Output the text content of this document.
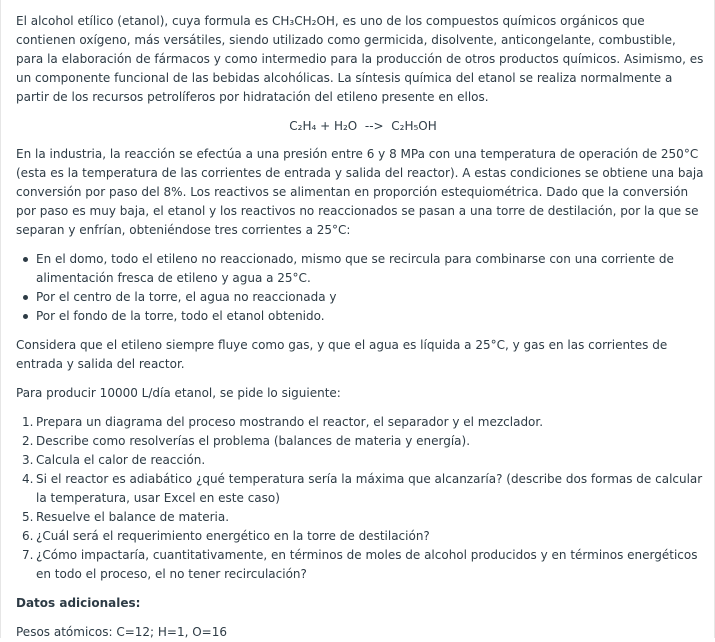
El alcohol etílico (etanol), cuya formula es CH₃CH₂OH, es uno de los compuestos químicos orgánicos que contienen oxígeno, más versátiles, siendo utilizado como germicida, disolvente, anticongelante, combustible, para la elaboración de fármacos y como intermedio para la producción de otros productos químicos. Asimismo, es un componente funcional de las bebidas alcohólicas. La síntesis química del etanol se realiza normalmente a partir de los recursos petrolíferos por hidratación del etileno presente en ellos.

C₂H₄ + H₂O --> C₂H₅OH

En la industria, la reacción se efectúa a una presión entre 6 y 8 MPa con una temperatura de operación de 250°C (esta es la temperatura de las corrientes de entrada y salida del reactor). A estas condiciones se obtiene una baja conversión por paso del 8%. Los reactivos se alimentan en proporción estequiométrica. Dado que la conversión por paso es muy baja, el etanol y los reactivos no reaccionados se pasan a una torre de destilación, por la que se separan y enfrían, obteniéndose tres corrientes a 25°C:

En el domo, todo el etileno no reaccionado, mismo que se recircula para combinarse con una corriente de alimentación fresca de etileno y agua a 25°C.
Por el centro de la torre, el agua no reaccionada y
Por el fondo de la torre, todo el etanol obtenido.

Considera que el etileno siempre fluye como gas, y que el agua es líquida a 25°C, y gas en las corrientes de entrada y salida del reactor.

Para producir 10000 L/día etanol, se pide lo siguiente:

1. Prepara un diagrama del proceso mostrando el reactor, el separador y el mezclador.
2. Describe como resolverías el problema (balances de materia y energía).
3. Calcula el calor de reacción.
4. Si el reactor es adiabático ¿qué temperatura sería la máxima que alcanzaría? (describe dos formas de calcular la temperatura, usar Excel en este caso)
5. Resuelve el balance de materia.
6. ¿Cuál será el requerimiento energético en la torre de destilación?
7. ¿Cómo impactaría, cuantitativamente, en términos de moles de alcohol producidos y en términos energéticos en todo el proceso, el no tener recirculación?

Datos adicionales:

Pesos atómicos: C=12; H=1, O=16
